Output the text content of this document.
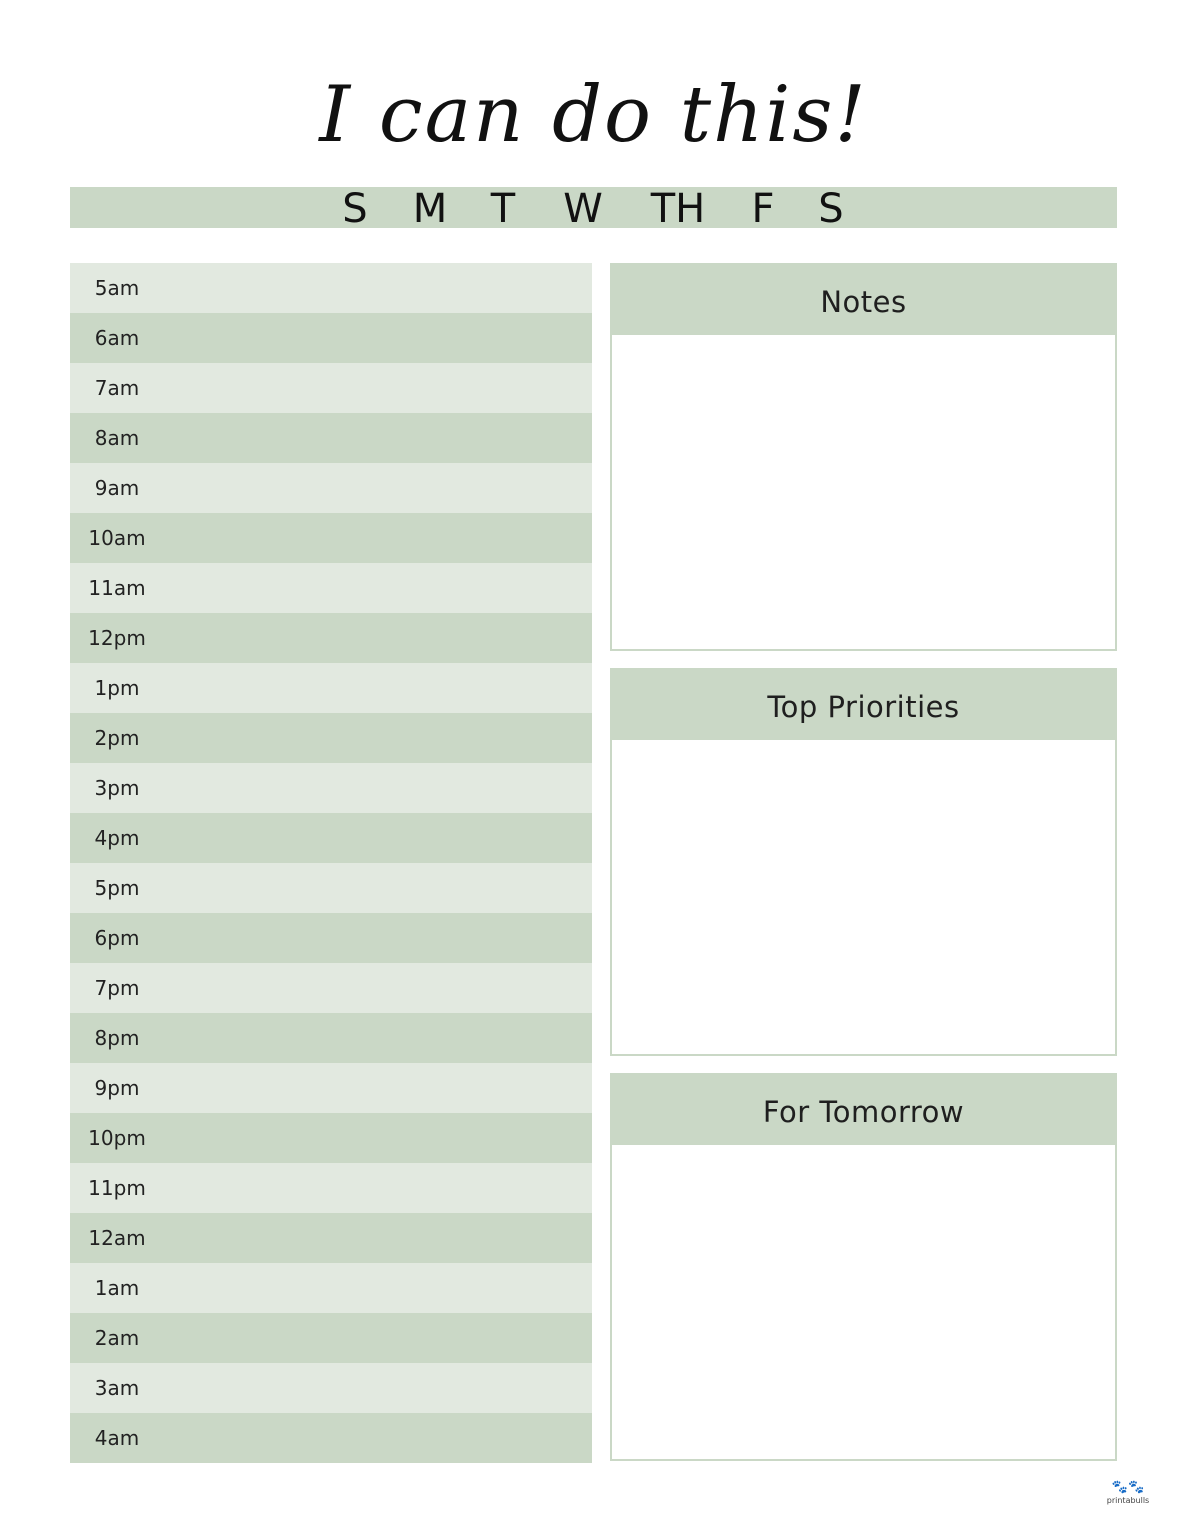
I can do this!
S M T W TH F S
5am
6am
7am
8am
9am
10am
11am
12pm
1pm
2pm
3pm
4pm
5pm
6pm
7pm
8pm
9pm
10pm
11pm
12am
1am
2am
3am
4am
Notes
Top Priorities
For Tomorrow
🐾🐾
printabulls
